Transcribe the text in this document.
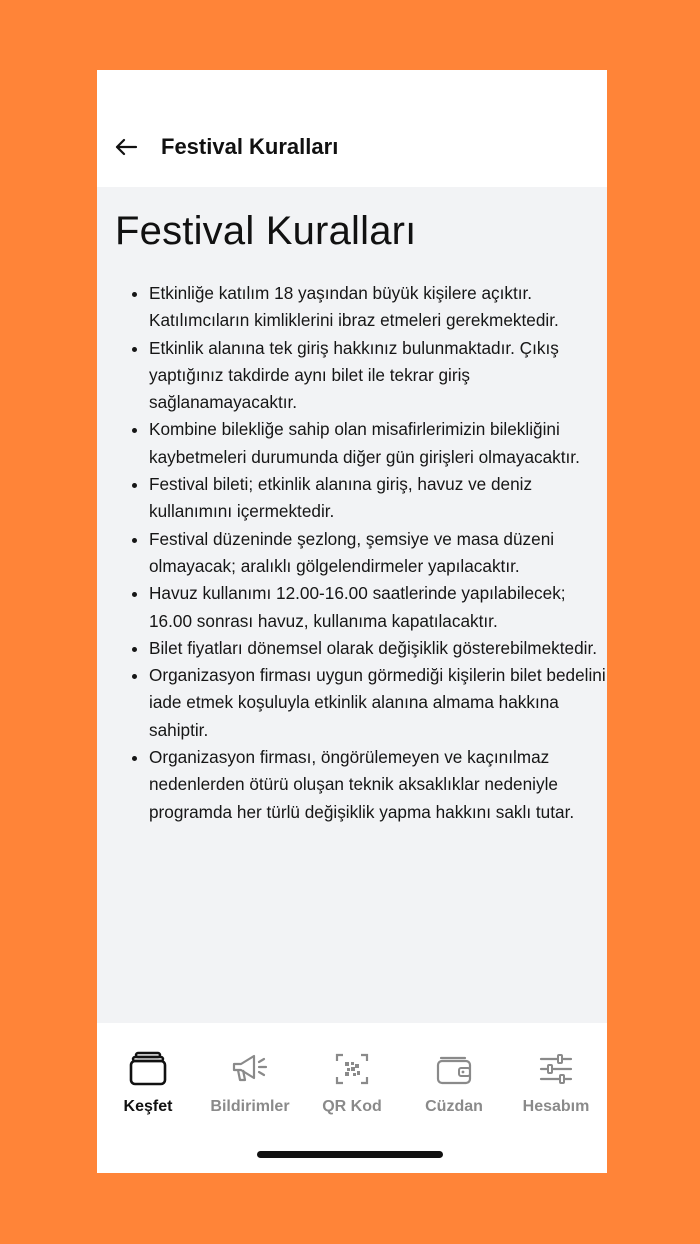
Festival Kuralları
Festival Kuralları
• Etkinliğe katılım 18 yaşından büyük kişilere açıktır. Katılımcıların kimliklerini ibraz etmeleri gerekmektedir.
• Etkinlik alanına tek giriş hakkınız bulunmaktadır. Çıkış yaptığınız takdirde aynı bilet ile tekrar giriş sağlanamayacaktır.
• Kombine bilekliğe sahip olan misafirlerimizin bilekliğini kaybetmeleri durumunda diğer gün girişleri olmayacaktır.
• Festival bileti; etkinlik alanına giriş, havuz ve deniz kullanımını içermektedir.
• Festival düzeninde şezlong, şemsiye ve masa düzeni olmayacak; aralıklı gölgelendirmeler yapılacaktır.
• Havuz kullanımı 12.00-16.00 saatlerinde yapılabilecek; 16.00 sonrası havuz, kullanıma kapatılacaktır.
• Bilet fiyatları dönemsel olarak değişiklik gösterebilmektedir.
• Organizasyon firması uygun görmediği kişilerin bilet bedelini iade etmek koşuluyla etkinlik alanına almama hakkına sahiptir.
• Organizasyon firması, öngörülemeyen ve kaçınılmaz nedenlerden ötürü oluşan teknik aksaklıklar nedeniyle programda her türlü değişiklik yapma hakkını saklı tutar.
Keşfet Bildirimler QR Kod	Cüzdan Hesabım
